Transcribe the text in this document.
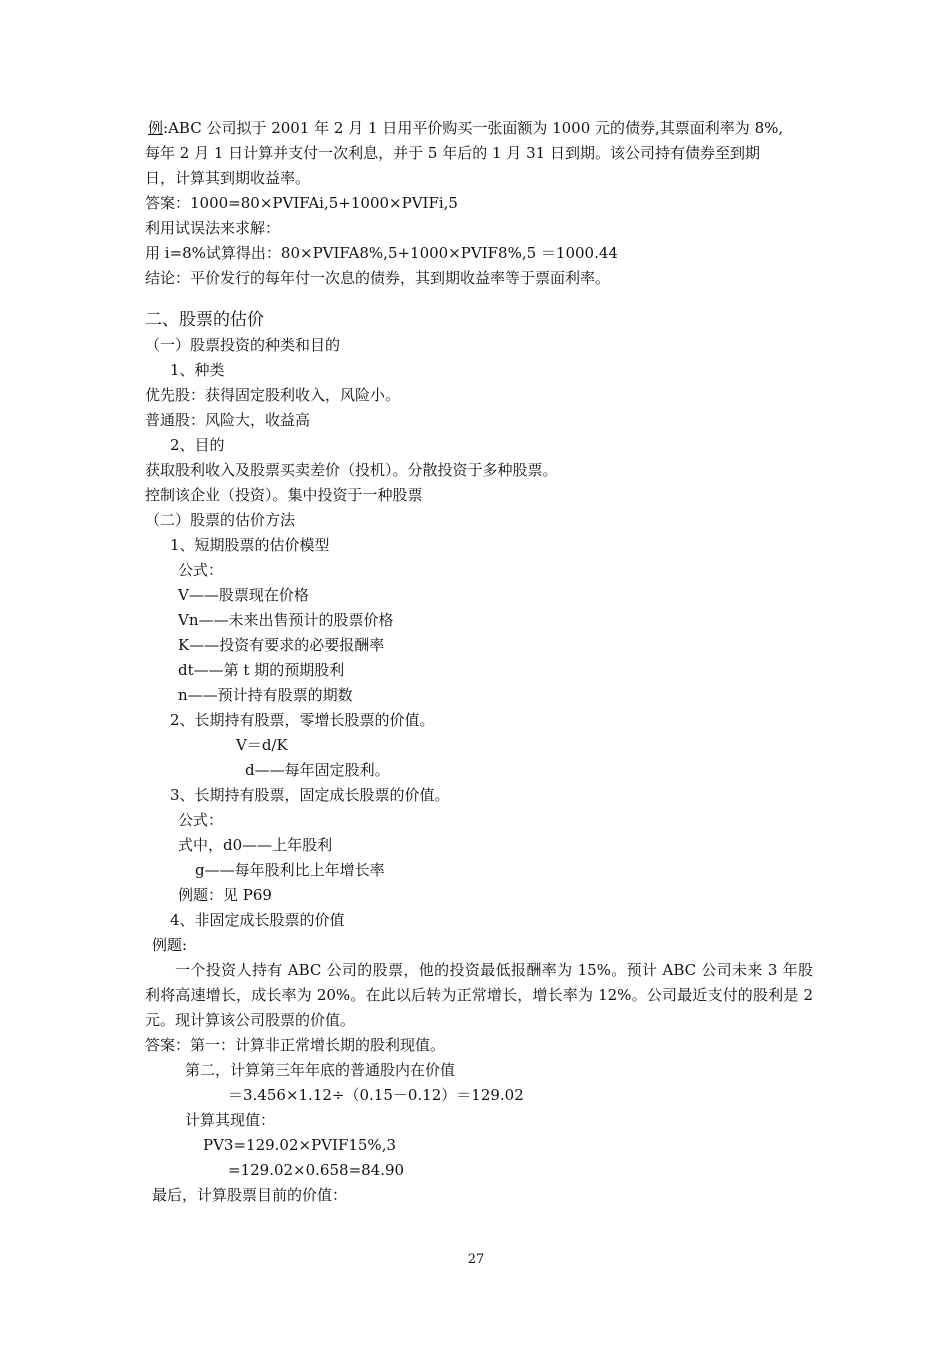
例:ABC 公司拟于 2001 年 2 月 1 日用平价购买一张面额为 1000 元的债券,其票面利率为 8%,
每年 2 月 1 日计算并支付一次利息，并于 5 年后的 1 月 31 日到期。该公司持有债券至到期
日，计算其到期收益率。
答案：1000=80×PVIFAi,5+1000×PVIFi,5
利用试误法来求解：
用 i=8%试算得出：80×PVIFA8%,5+1000×PVIF8%,5 ＝1000.44
结论：平价发行的每年付一次息的债券，其到期收益率等于票面利率。
二、股票的估价
（一）股票投资的种类和目的
1、种类
优先股：获得固定股利收入，风险小。
普通股：风险大，收益高
2、目的
获取股利收入及股票买卖差价（投机）。分散投资于多种股票。
控制该企业（投资）。集中投资于一种股票
（二）股票的估价方法
1、短期股票的估价模型
公式：
V——股票现在价格
Vn——未来出售预计的股票价格
K——投资有要求的必要报酬率
dt——第 t 期的预期股利
n——预计持有股票的期数
2、长期持有股票，零增长股票的价值。
V＝d/K
d——每年固定股利。
3、长期持有股票，固定成长股票的价值。
公式：
式中，d0——上年股利
g——每年股利比上年增长率
例题：见 P69
4、非固定成长股票的价值
例题:
一个投资人持有 ABC 公司的股票，他的投资最低报酬率为 15%。预计 ABC 公司未来 3 年股利将高速增长，成长率为 20%。在此以后转为正常增长，增长率为 12%。公司最近支付的股利是 2 元。现计算该公司股票的价值。
答案：第一：计算非正常增长期的股利现值。
第二，计算第三年年底的普通股内在价值
＝3.456×1.12÷（0.15－0.12）＝129.02
计算其现值：
PV3=129.02×PVIF15%,3
=129.02×0.658=84.90
最后，计算股票目前的价值：
27
